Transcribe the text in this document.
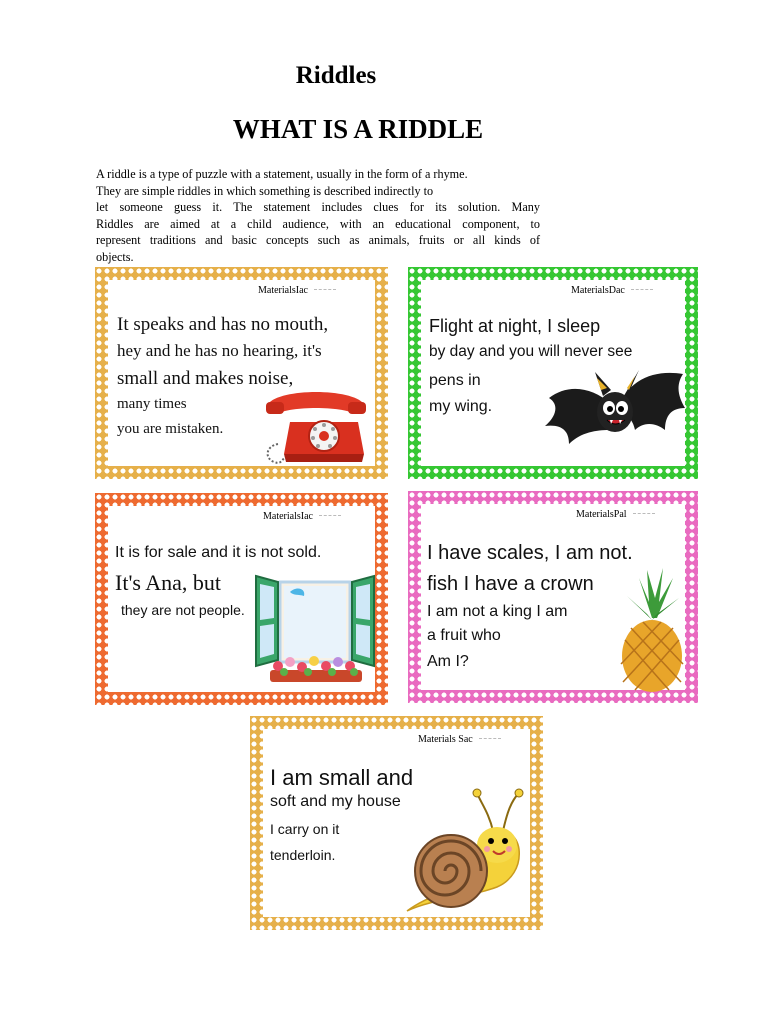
Riddles
WHAT IS A RIDDLE
A riddle is a type of puzzle with a statement, usually in the form of a rhyme.
They are simple riddles in which something is described indirectly to
let someone guess it. The statement includes clues for its solution. Many
Riddles are aimed at a child audience, with an educational component, to
represent traditions and basic concepts such as animals, fruits or all kinds of
objects.
MaterialsIac
It speaks and has no mouth,
hey and he has no hearing, it's
small and makes noise,
many times
you are mistaken.
MaterialsDac
Flight at night, I sleep
by day and you will never see
pens in
my wing.
MaterialsIac
It is for sale and it is not sold.
It's Ana, but
they are not people.
MaterialsPal
I have scales, I am not.
fish I have a crown
I am not a king I am
a fruit who
Am I?
Materials Sac
I am small and
soft and my house
I carry on it
tenderloin.
